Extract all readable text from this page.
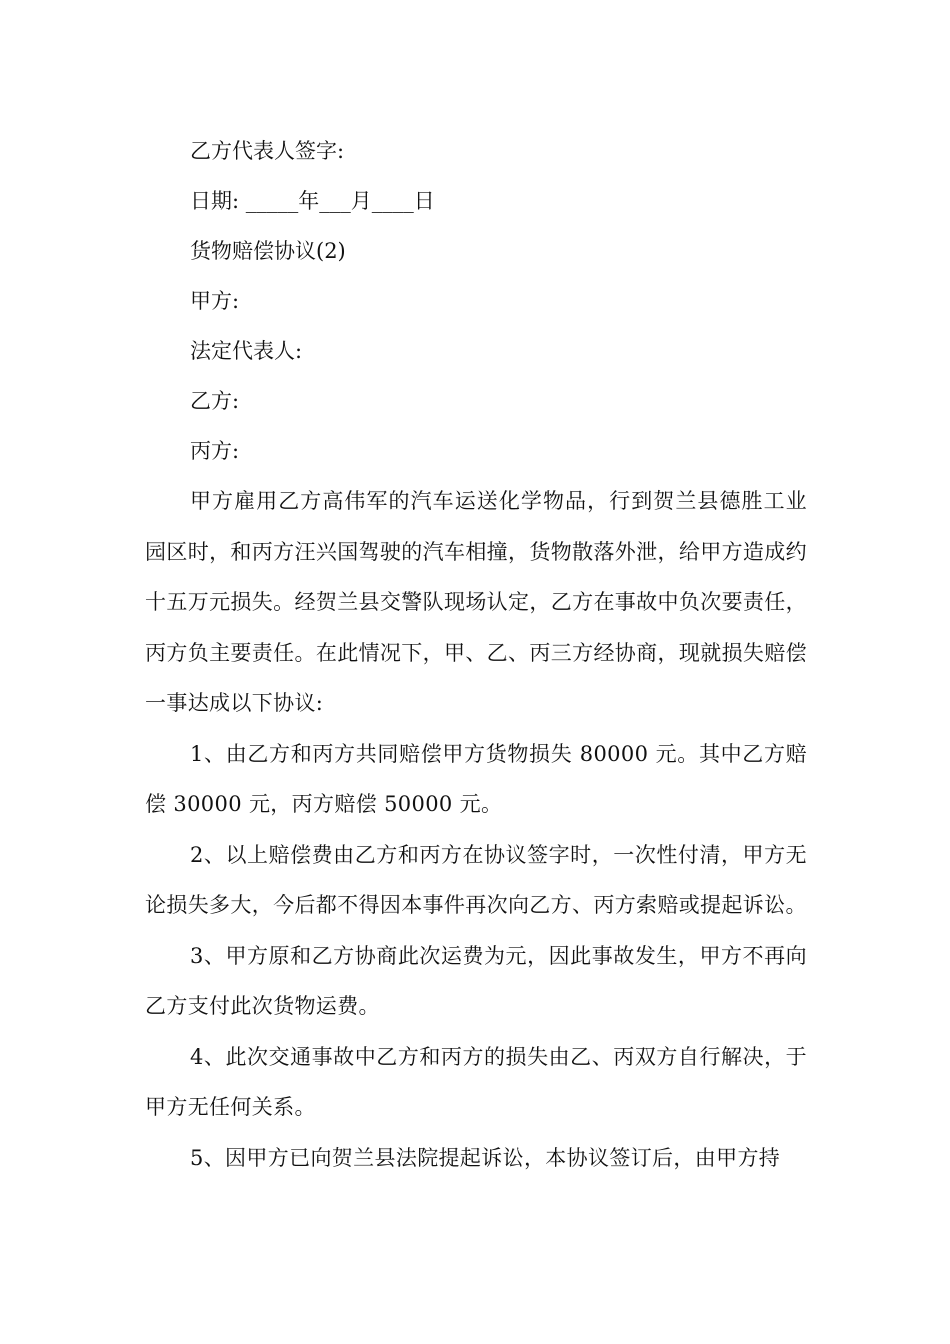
乙方代表人签字:

日期: _____年___月____日

货物赔偿协议(2)

甲方:

法定代表人:

乙方:

丙方:

甲方雇用乙方高伟军的汽车运送化学物品，行到贺兰县德胜工业园区时，和丙方汪兴国驾驶的汽车相撞，货物散落外泄，给甲方造成约十五万元损失。经贺兰县交警队现场认定，乙方在事故中负次要责任，丙方负主要责任。在此情况下，甲、乙、丙三方经协商，现就损失赔偿一事达成以下协议:

1、由乙方和丙方共同赔偿甲方货物损失 80000 元。其中乙方赔偿 30000 元，丙方赔偿 50000 元。

2、以上赔偿费由乙方和丙方在协议签字时，一次性付清，甲方无论损失多大，今后都不得因本事件再次向乙方、丙方索赔或提起诉讼。

3、甲方原和乙方协商此次运费为元，因此事故发生，甲方不再向乙方支付此次货物运费。

4、此次交通事故中乙方和丙方的损失由乙、丙双方自行解决，于甲方无任何关系。

5、因甲方已向贺兰县法院提起诉讼，本协议签订后，由甲方持
